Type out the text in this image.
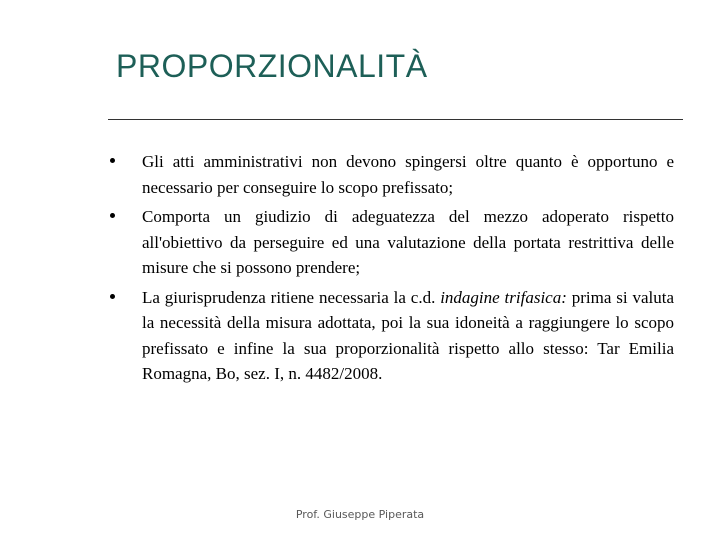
PROPORZIONALITÀ
Gli atti amministrativi non devono spingersi oltre quanto è opportuno e necessario per conseguire lo scopo prefissato;
Comporta un giudizio di adeguatezza del mezzo adoperato rispetto all'obiettivo da perseguire ed una valutazione della portata restrittiva delle misure che si possono prendere;
La giurisprudenza ritiene necessaria la c.d. indagine trifasica: prima si valuta la necessità della misura adottata, poi la sua idoneità a raggiungere lo scopo prefissato e infine la sua proporzionalità rispetto allo stesso: Tar Emilia Romagna, Bo, sez. I, n. 4482/2008.
Prof. Giuseppe Piperata
